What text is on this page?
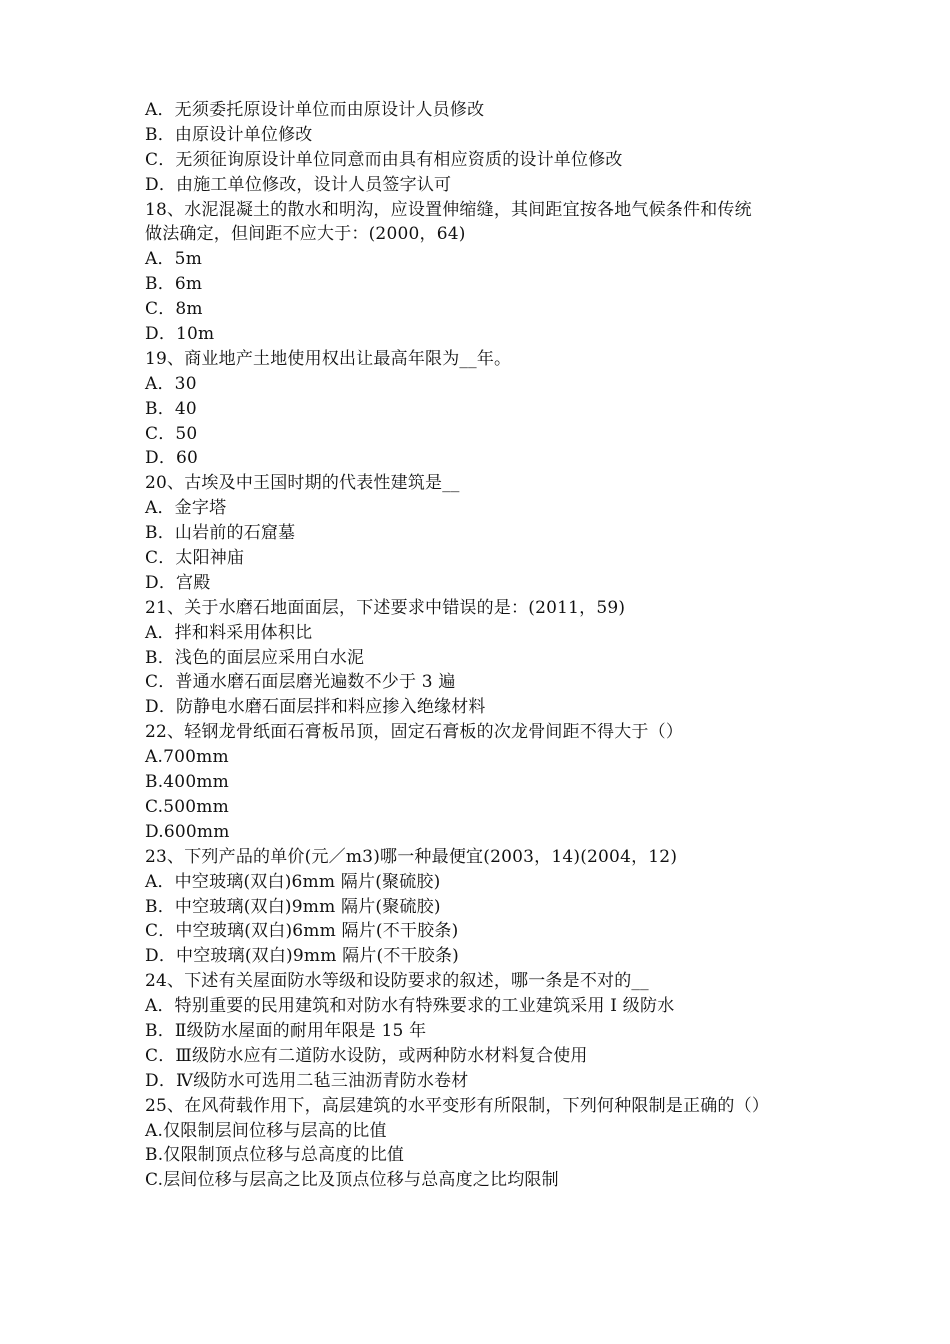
A．无须委托原设计单位而由原设计人员修改
B．由原设计单位修改
C．无须征询原设计单位同意而由具有相应资质的设计单位修改
D．由施工单位修改，设计人员签字认可
18、水泥混凝土的散水和明沟，应设置伸缩缝，其间距宜按各地气候条件和传统
做法确定，但间距不应大于：(2000，64)
A．5m
B．6m
C．8m
D．10m
19、商业地产土地使用权出让最高年限为__年。
A．30
B．40
C．50
D．60
20、古埃及中王国时期的代表性建筑是__
A．金字塔
B．山岩前的石窟墓
C．太阳神庙
D．宫殿
21、关于水磨石地面面层，下述要求中错误的是：(2011，59)
A．拌和料采用体积比
B．浅色的面层应采用白水泥
C．普通水磨石面层磨光遍数不少于 3 遍
D．防静电水磨石面层拌和料应掺入绝缘材料
22、轻钢龙骨纸面石膏板吊顶，固定石膏板的次龙骨间距不得大于（）
A.700mm
B.400mm
C.500mm
D.600mm
23、下列产品的单价(元／m3)哪一种最便宜(2003，14)(2004，12)
A．中空玻璃(双白)6mm 隔片(聚硫胶)
B．中空玻璃(双白)9mm 隔片(聚硫胶)
C．中空玻璃(双白)6mm 隔片(不干胶条)
D．中空玻璃(双白)9mm 隔片(不干胶条)
24、下述有关屋面防水等级和设防要求的叙述，哪一条是不对的__
A．特别重要的民用建筑和对防水有特殊要求的工业建筑采用 I 级防水
B．Ⅱ级防水屋面的耐用年限是 15 年
C．Ⅲ级防水应有二道防水设防，或两种防水材料复合使用
D．Ⅳ级防水可选用二毡三油沥青防水卷材
25、在风荷载作用下，高层建筑的水平变形有所限制，下列何种限制是正确的（）
A.仅限制层间位移与层高的比值
B.仅限制顶点位移与总高度的比值
C.层间位移与层高之比及顶点位移与总高度之比均限制
